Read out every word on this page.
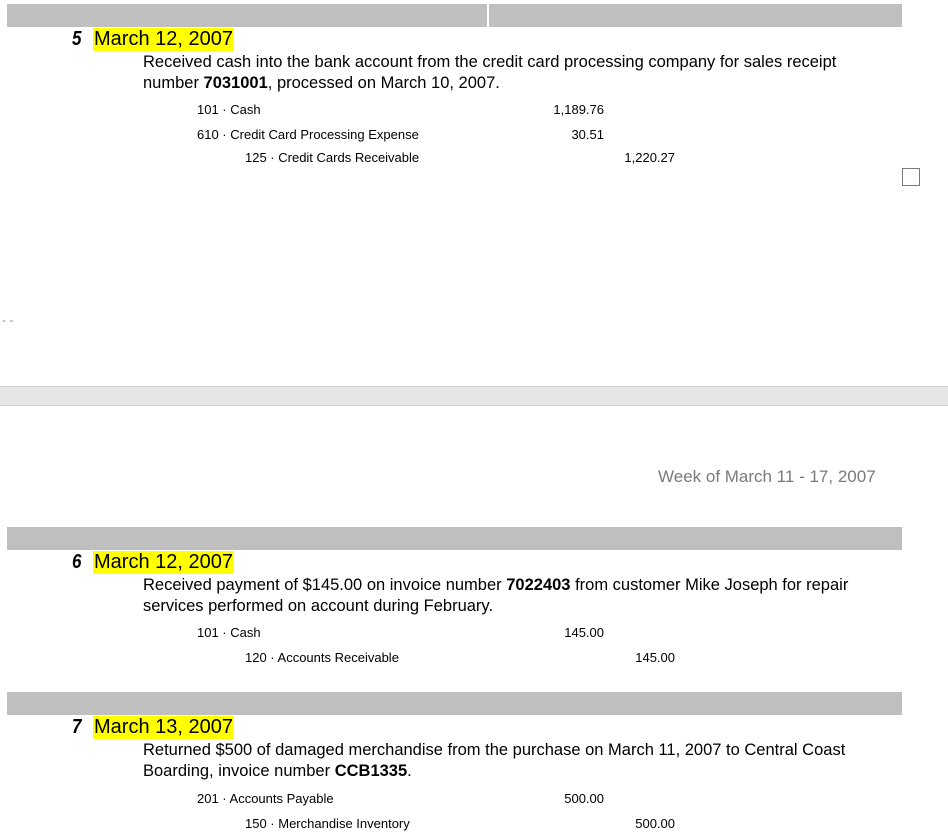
5 March 12, 2007
Received cash into the bank account from the credit card processing company for sales receipt number 7031001, processed on March 10, 2007.
101 · Cash	1,189.76
610 · Credit Card Processing Expense	30.51
125 · Credit Cards Receivable	1,220.27
- -
Week of March 11 - 17, 2007
6 March 12, 2007
Received payment of $145.00 on invoice number 7022403 from customer Mike Joseph for repair services performed on account during February.
101 · Cash	145.00
120 · Accounts Receivable	145.00
7 March 13, 2007
Returned $500 of damaged merchandise from the purchase on March 11, 2007 to Central Coast Boarding, invoice number CCB1335.
201 · Accounts Payable	500.00
150 · Merchandise Inventory	500.00
